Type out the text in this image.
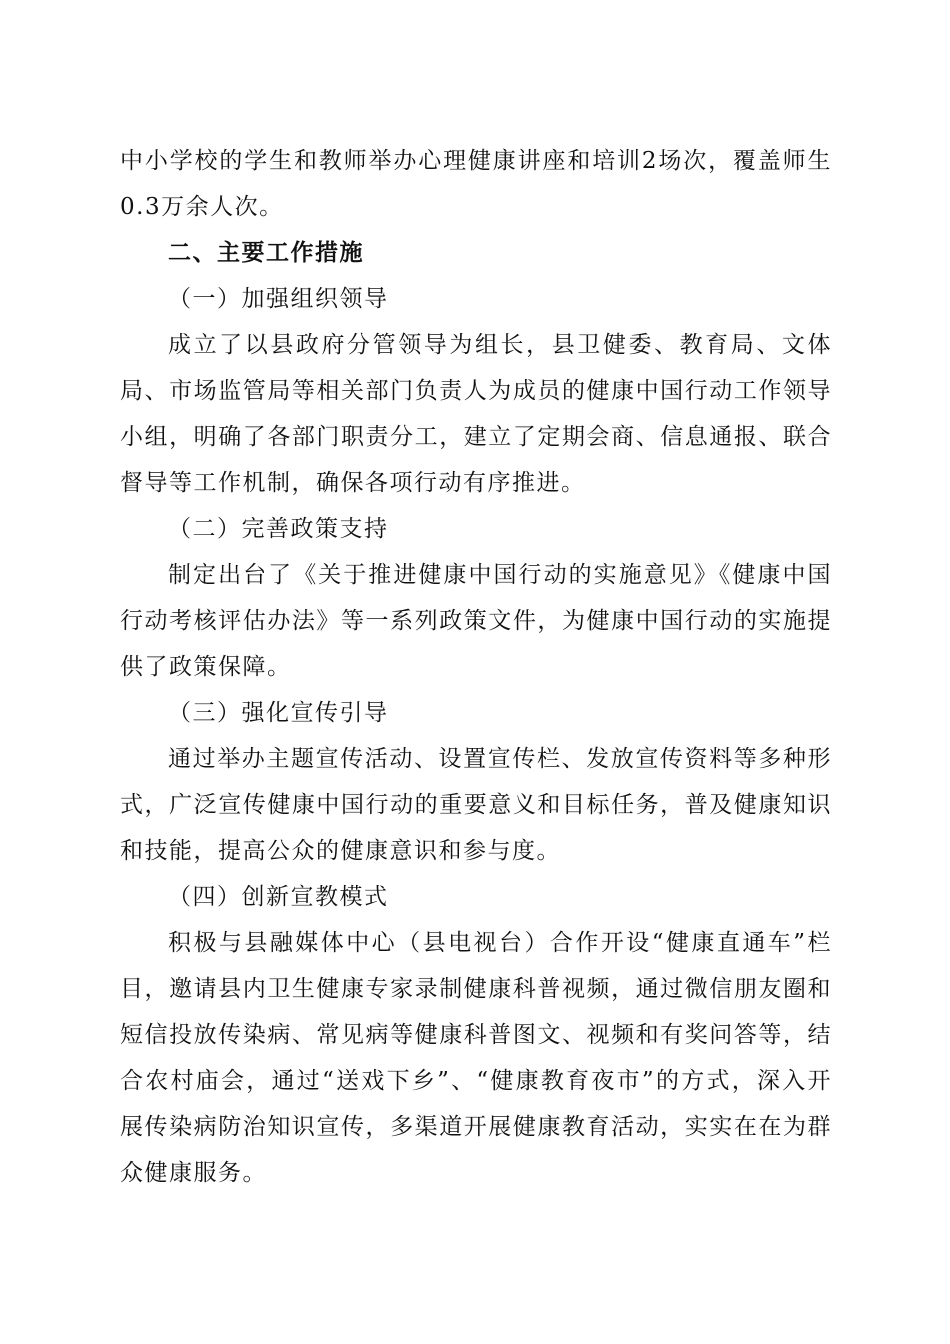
中小学校的学生和教师举办心理健康讲座和培训2场次，覆盖师生0.3万余人次。

二、主要工作措施

（一）加强组织领导

成立了以县政府分管领导为组长，县卫健委、教育局、文体局、市场监管局等相关部门负责人为成员的健康中国行动工作领导小组，明确了各部门职责分工，建立了定期会商、信息通报、联合督导等工作机制，确保各项行动有序推进。

（二）完善政策支持

制定出台了《关于推进健康中国行动的实施意见》《健康中国行动考核评估办法》等一系列政策文件，为健康中国行动的实施提供了政策保障。

（三）强化宣传引导

通过举办主题宣传活动、设置宣传栏、发放宣传资料等多种形式，广泛宣传健康中国行动的重要意义和目标任务，普及健康知识和技能，提高公众的健康意识和参与度。

（四）创新宣教模式

积极与县融媒体中心（县电视台）合作开设“健康直通车”栏目，邀请县内卫生健康专家录制健康科普视频，通过微信朋友圈和短信投放传染病、常见病等健康科普图文、视频和有奖问答等，结合农村庙会，通过“送戏下乡”、“健康教育夜市”的方式，深入开展传染病防治知识宣传，多渠道开展健康教育活动，实实在在为群众健康服务。
